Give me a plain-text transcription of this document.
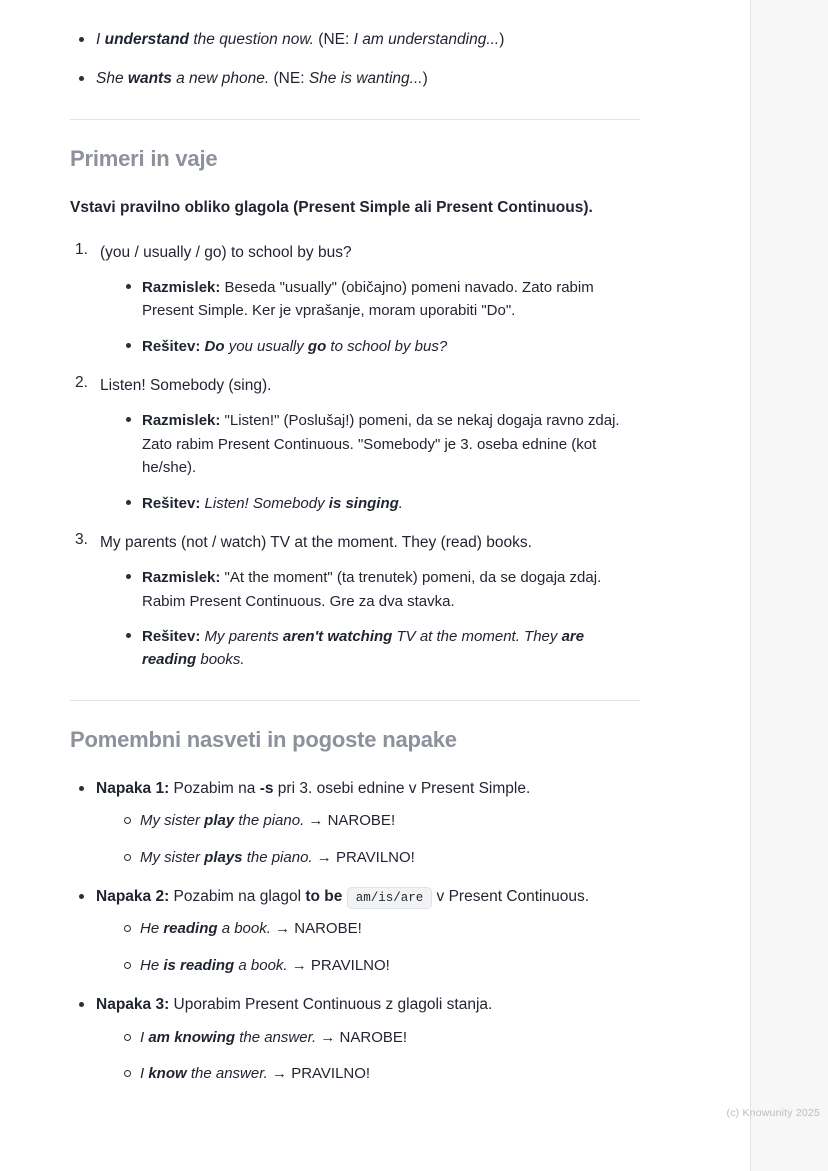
I understand the question now. (NE: I am understanding...)
She wants a new phone. (NE: She is wanting...)
Primeri in vaje

Vstavi pravilno obliko glagola (Present Simple ali Present Continuous).

1. (you / usually / go) to school by bus?
Razmislek: Beseda "usually" (običajno) pomeni navado. Zato rabim Present Simple. Ker je vprašanje, moram uporabiti "Do".
Rešitev: Do you usually go to school by bus?
2. Listen! Somebody (sing).
Razmislek: "Listen!" (Poslušaj!) pomeni, da se nekaj dogaja ravno zdaj. Zato rabim Present Continuous. "Somebody" je 3. oseba ednine (kot he/she).
Rešitev: Listen! Somebody is singing.
3. My parents (not / watch) TV at the moment. They (read) books.
Razmislek: "At the moment" (ta trenutek) pomeni, da se dogaja zdaj. Rabim Present Continuous. Gre za dva stavka.
Rešitev: My parents aren't watching TV at the moment. They are reading books.
Pomembni nasveti in pogoste napake
Napaka 1: Pozabim na -s pri 3. osebi ednine v Present Simple.
My sister play the piano. → NAROBE!
My sister plays the piano. → PRAVILNO!
Napaka 2: Pozabim na glagol to be am/is/are v Present Continuous.
He reading a book. → NAROBE!
He is reading a book. → PRAVILNO!
Napaka 3: Uporabim Present Continuous z glagoli stanja.
I am knowing the answer. → NAROBE!
I know the answer. → PRAVILNO!
(c) Knowunity 2025
